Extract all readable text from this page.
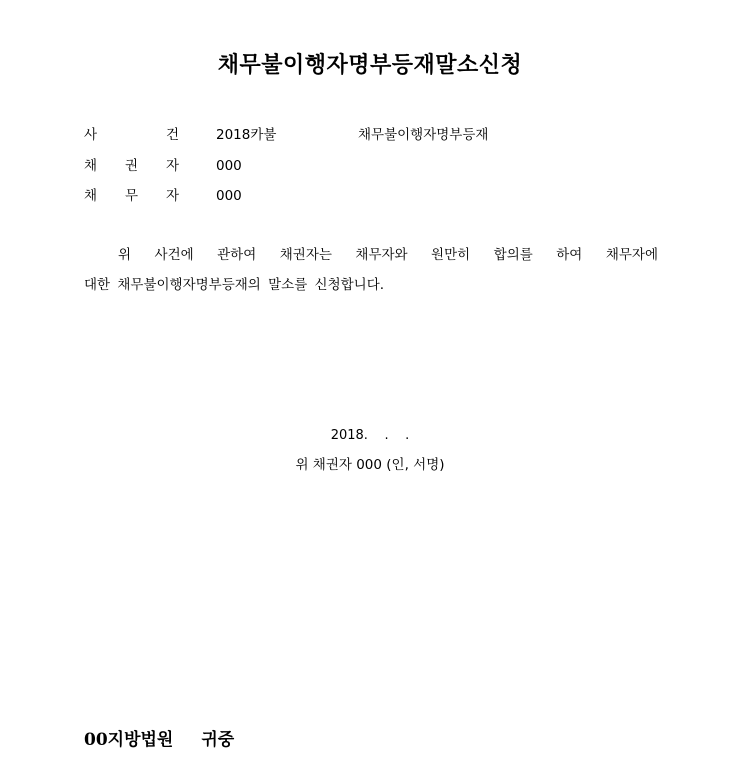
채무불이행자명부등재말소신청
사	건	2018카불	채무불이행자명부등재
채 권 자	000
채 무 자	000
위 사건에 관하여 채권자는 채무자와 원만히 합의를 하여 채무자에
대한 채무불이행자명부등재의 말소를 신청합니다.
2018.    .    .
위 채권자 000 (인, 서명)
00지방법원 귀중
